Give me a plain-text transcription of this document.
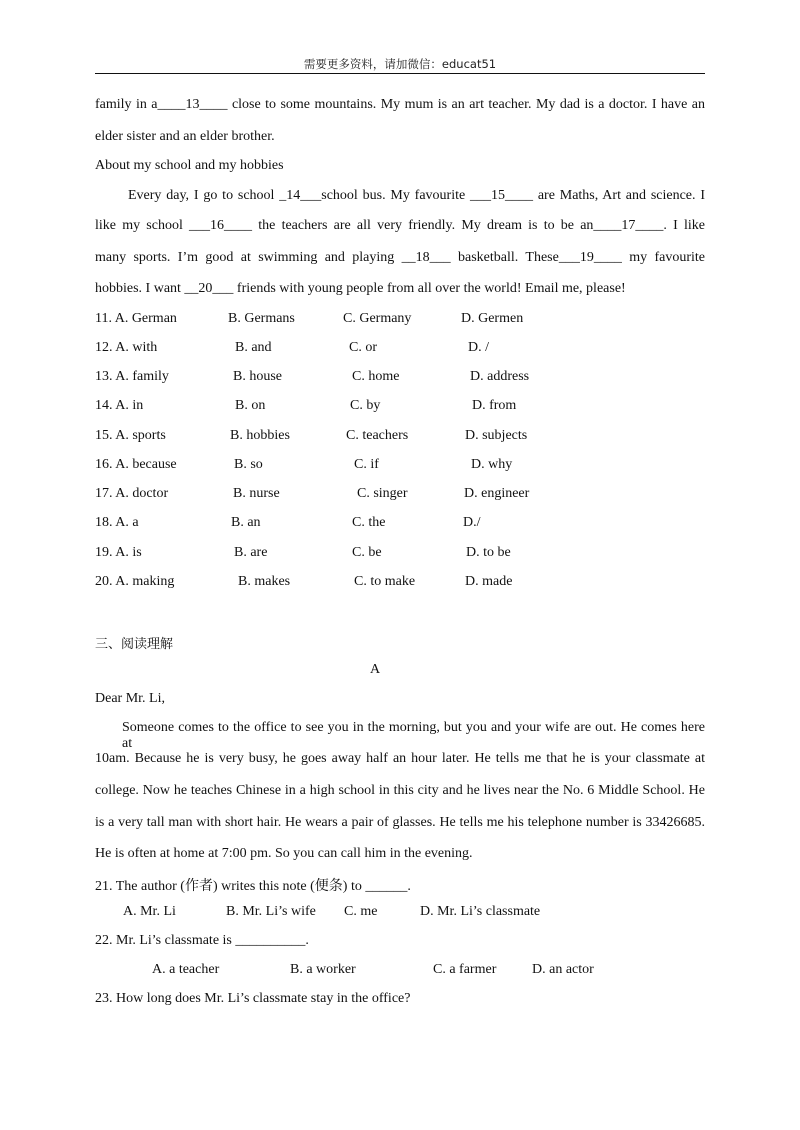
需要更多资料，请加微信：educat51
family in a____13____ close to some mountains. My mum is an art teacher. My dad is a doctor. I have an
elder sister and an elder brother.
About my school and my hobbies
Every day, I go to school _14___school bus. My favourite ___15____ are Maths, Art and science. I
like my school ___16____ the teachers are all very friendly. My dream is to be an____17____. I like
many sports. I’m good at swimming and playing __18___ basketball. These___19____ my favourite
hobbies. I want __20___ friends with young people from all over the world! Email me, please!
11. A. German	B. Germans	C. Germany	D. Germen
12. A. with	B. and	C. or	D. /
13. A. family	B. house	C. home	D. address
14. A. in	B. on	C. by	D. from
15. A. sports	B. hobbies	C. teachers	D. subjects
16. A. because	B. so	C. if	D. why
17. A. doctor	B. nurse	C. singer	D. engineer
18. A. a	B. an	C. the	D./
19. A. is	B. are	C. be	D. to be
20. A. making	B. makes	C. to make	D. made
三、阅读理解
A
Dear Mr. Li,
Someone comes to the office to see you in the morning, but you and your wife are out. He comes here at
10am. Because he is very busy, he goes away half an hour later. He tells me that he is your classmate at
college. Now he teaches Chinese in a high school in this city and he lives near the No. 6 Middle School. He
is a very tall man with short hair. He wears a pair of glasses. He tells me his telephone number is 33426685.
He is often at home at 7:00 pm. So you can call him in the evening.
21. The author (作者) writes this note (便条) to ______.
A. Mr. Li	B. Mr. Li’s wife C. me	D. Mr. Li’s classmate
22. Mr. Li’s classmate is __________.
A. a teacher	B. a worker	C. a farmer	D. an actor
23. How long does Mr. Li’s classmate stay in the office?
